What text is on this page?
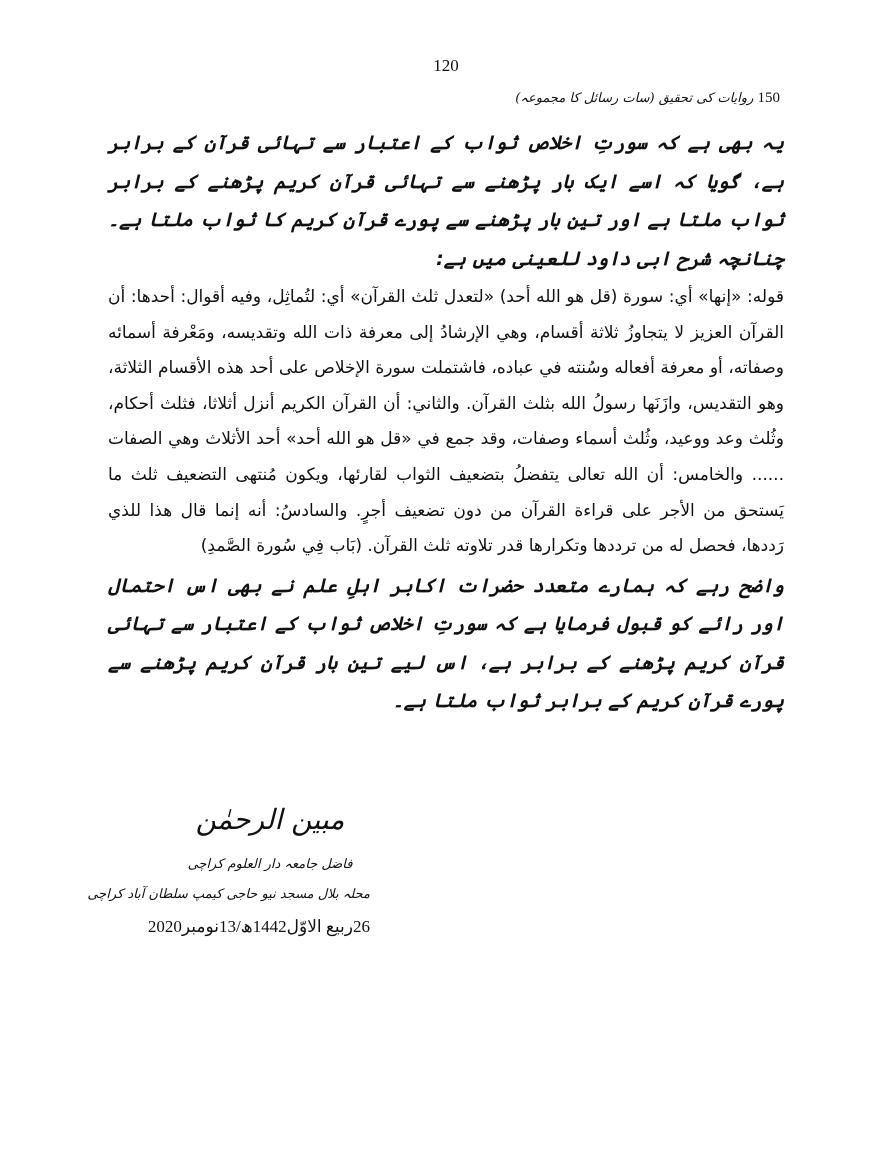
120
150 روایات کی تحقیق (سات رسائل کا مجموعہ)

یہ بھی ہے کہ سورتِ اخلاص ثواب کے اعتبار سے تہائی قرآن کے برابر ہے، گویا کہ اسے ایک بار پڑھنے سے تہائی قرآن کریم پڑھنے کے برابر ثواب ملتا ہے اور تین بار پڑھنے سے پورے قرآن کریم کا ثواب ملتا ہے۔ چنانچہ شرح ابی داود للعینی میں ہے:

قوله: «إنها» أي: سورة (قل هو الله أحد) «لتعدل ثلث القرآن» أي: لتُماثِل، وفيه أقوال: أحدها: أن القرآن العزيز لا يتجاوزُ ثلاثة أقسام، وهي الإرشادُ إلى معرفة ذات الله وتقديسه، ومَعْرفة أسمائه وصفاته، أو معرفة أفعاله وسُنته في عباده، فاشتملت سورة الإخلاص على أحد هذه الأقسام الثلاثة، وهو التقديس، وازَنَها رسولُ الله بثلث القرآن. والثاني: أن القرآن الكريم أنزل أثلاثا، فثلث أحكام، وثُلث وعد ووعيد، وثُلث أسماء وصفات، وقد جمع في «قل هو الله أحد» أحد الأثلاث وهي الصفات ...... والخامس: أن الله تعالى يتفضلُ بتضعيف الثواب لقارئها، ويكون مُنتهى التضعيف ثلث ما يَستحق من الأجر على قراءة القرآن من دون تضعيف أجرٍ. والسادسُ: أنه إنما قال هذا للذي رَددها، فحصل له من ترددها وتكرارها قدر تلاوته ثلث القرآن. (بَاب فِي سُورة الصَّمدِ)

واضح رہے کہ ہمارے متعدد حضرات اکابر اہلِ علم نے بھی اس احتمال اور رائے کو قبول فرمایا ہے کہ سورتِ اخلاص ثواب کے اعتبار سے تہائی قرآن کریم پڑھنے کے برابر ہے، اس لیے تین بار قرآن کریم پڑھنے سے پورے قرآن کریم کے برابر ثواب ملتا ہے۔

مبین الرحمٰن
فاضل جامعہ دار العلوم کراچی
محلہ بلال مسجد نیو حاجی کیمپ سلطان آباد کراچی
26ربیع الاوّل1442ھ/13نومبر2020
